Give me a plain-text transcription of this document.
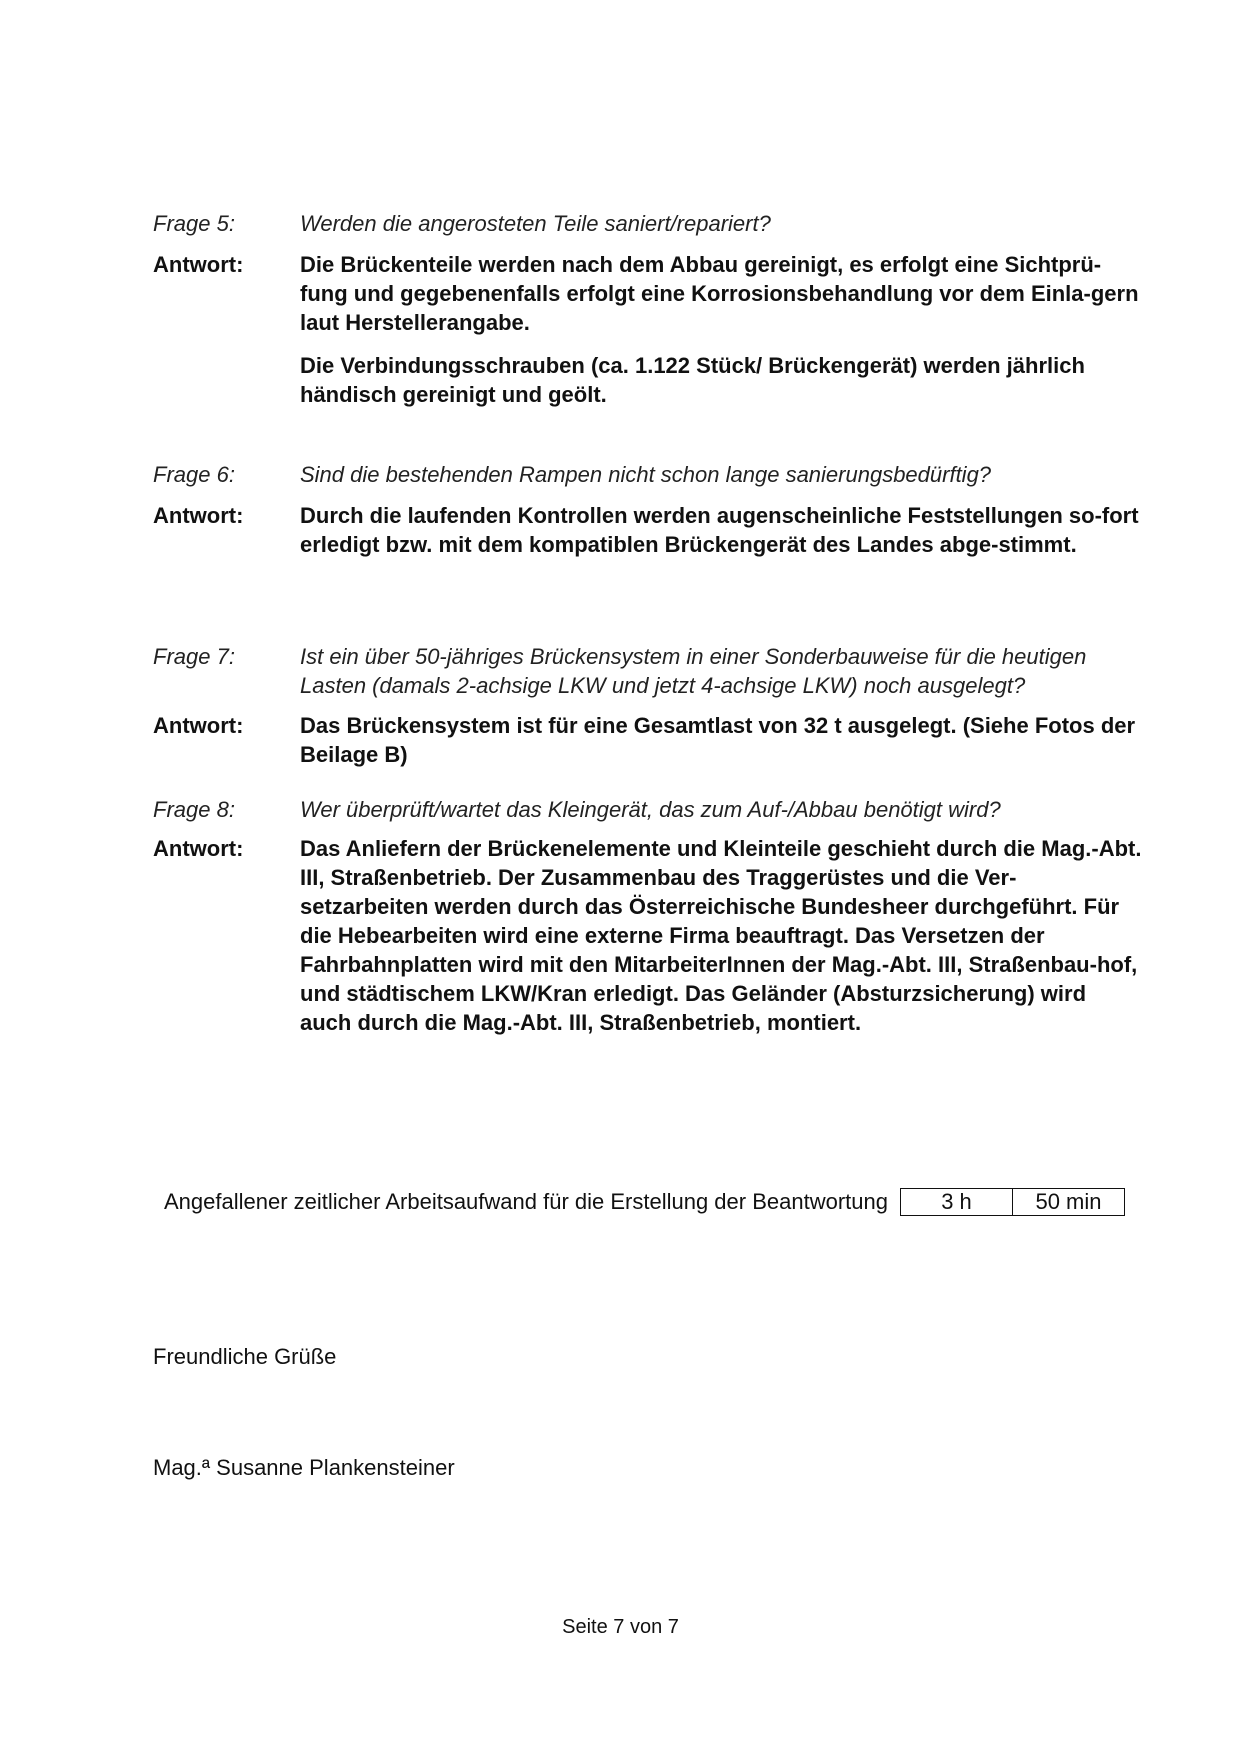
Frage 5:	Werden die angerosteten Teile saniert/repariert?
Antwort:	Die Brückenteile werden nach dem Abbau gereinigt, es erfolgt eine Sichtprü-fung und gegebenenfalls erfolgt eine Korrosionsbehandlung vor dem Einla-gern laut Herstellerangabe.

Die Verbindungsschrauben (ca. 1.122 Stück/ Brückengerät) werden jährlich händisch gereinigt und geölt.

Frage 6:	Sind die bestehenden Rampen nicht schon lange sanierungsbedürftig?
Antwort:	Durch die laufenden Kontrollen werden augenscheinliche Feststellungen so-fort erledigt bzw. mit dem kompatiblen Brückengerät des Landes abge-stimmt.

Frage 7:	Ist ein über 50-jähriges Brückensystem in einer Sonderbauweise für die heutigen Lasten (damals 2-achsige LKW und jetzt 4-achsige LKW) noch ausgelegt?
Antwort:	Das Brückensystem ist für eine Gesamtlast von 32 t ausgelegt. (Siehe Fotos der Beilage B)

Frage 8:	Wer überprüft/wartet das Kleingerät, das zum Auf-/Abbau benötigt wird?
Antwort:	Das Anliefern der Brückenelemente und Kleinteile geschieht durch die Mag.-Abt. III, Straßenbetrieb. Der Zusammenbau des Traggerüstes und die Ver-setzarbeiten werden durch das Österreichische Bundesheer durchgeführt. Für die Hebearbeiten wird eine externe Firma beauftragt. Das Versetzen der Fahrbahnplatten wird mit den MitarbeiterInnen der Mag.-Abt. III, Straßenbau-hof, und städtischem LKW/Kran erledigt. Das Geländer (Absturzsicherung) wird auch durch die Mag.-Abt. III, Straßenbetrieb, montiert.

Angefallener zeitlicher Arbeitsaufwand für die Erstellung der Beantwortung 3 h	50 min
Freundliche Grüße
Mag.ª Susanne Plankensteiner
Seite 7 von 7
